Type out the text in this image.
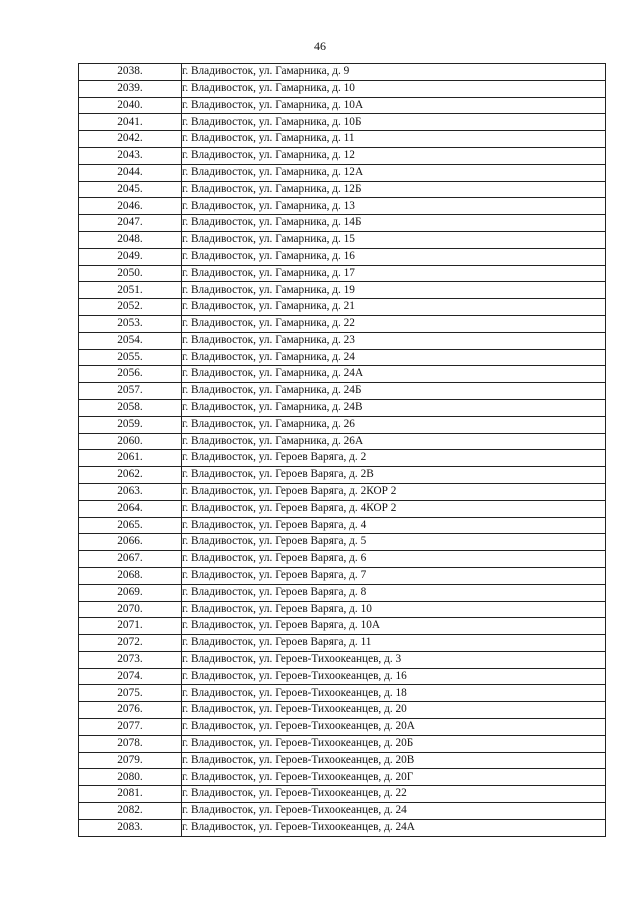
46
2038.	г. Владивосток, ул. Гамарника, д. 9
2039.	г. Владивосток, ул. Гамарника, д. 10
2040.	г. Владивосток, ул. Гамарника, д. 10А
2041.	г. Владивосток, ул. Гамарника, д. 10Б
2042.	г. Владивосток, ул. Гамарника, д. 11
2043.	г. Владивосток, ул. Гамарника, д. 12
2044.	г. Владивосток, ул. Гамарника, д. 12А
2045.	г. Владивосток, ул. Гамарника, д. 12Б
2046.	г. Владивосток, ул. Гамарника, д. 13
2047.	г. Владивосток, ул. Гамарника, д. 14Б
2048.	г. Владивосток, ул. Гамарника, д. 15
2049.	г. Владивосток, ул. Гамарника, д. 16
2050.	г. Владивосток, ул. Гамарника, д. 17
2051.	г. Владивосток, ул. Гамарника, д. 19
2052.	г. Владивосток, ул. Гамарника, д. 21
2053.	г. Владивосток, ул. Гамарника, д. 22
2054.	г. Владивосток, ул. Гамарника, д. 23
2055.	г. Владивосток, ул. Гамарника, д. 24
2056.	г. Владивосток, ул. Гамарника, д. 24А
2057.	г. Владивосток, ул. Гамарника, д. 24Б
2058.	г. Владивосток, ул. Гамарника, д. 24В
2059.	г. Владивосток, ул. Гамарника, д. 26
2060.	г. Владивосток, ул. Гамарника, д. 26А
2061.	г. Владивосток, ул. Героев Варяга, д. 2
2062.	г. Владивосток, ул. Героев Варяга, д. 2В
2063.	г. Владивосток, ул. Героев Варяга, д. 2КОР 2
2064.	г. Владивосток, ул. Героев Варяга, д. 4КОР 2
2065.	г. Владивосток, ул. Героев Варяга, д. 4
2066.	г. Владивосток, ул. Героев Варяга, д. 5
2067.	г. Владивосток, ул. Героев Варяга, д. 6
2068.	г. Владивосток, ул. Героев Варяга, д. 7
2069.	г. Владивосток, ул. Героев Варяга, д. 8
2070.	г. Владивосток, ул. Героев Варяга, д. 10
2071.	г. Владивосток, ул. Героев Варяга, д. 10А
2072.	г. Владивосток, ул. Героев Варяга, д. 11
2073.	г. Владивосток, ул. Героев-Тихоокеанцев, д. 3
2074.	г. Владивосток, ул. Героев-Тихоокеанцев, д. 16
2075.	г. Владивосток, ул. Героев-Тихоокеанцев, д. 18
2076.	г. Владивосток, ул. Героев-Тихоокеанцев, д. 20
2077.	г. Владивосток, ул. Героев-Тихоокеанцев, д. 20А
2078.	г. Владивосток, ул. Героев-Тихоокеанцев, д. 20Б
2079.	г. Владивосток, ул. Героев-Тихоокеанцев, д. 20В
2080.	г. Владивосток, ул. Героев-Тихоокеанцев, д. 20Г
2081.	г. Владивосток, ул. Героев-Тихоокеанцев, д. 22
2082.	г. Владивосток, ул. Героев-Тихоокеанцев, д. 24
2083.	г. Владивосток, ул. Героев-Тихоокеанцев, д. 24А
